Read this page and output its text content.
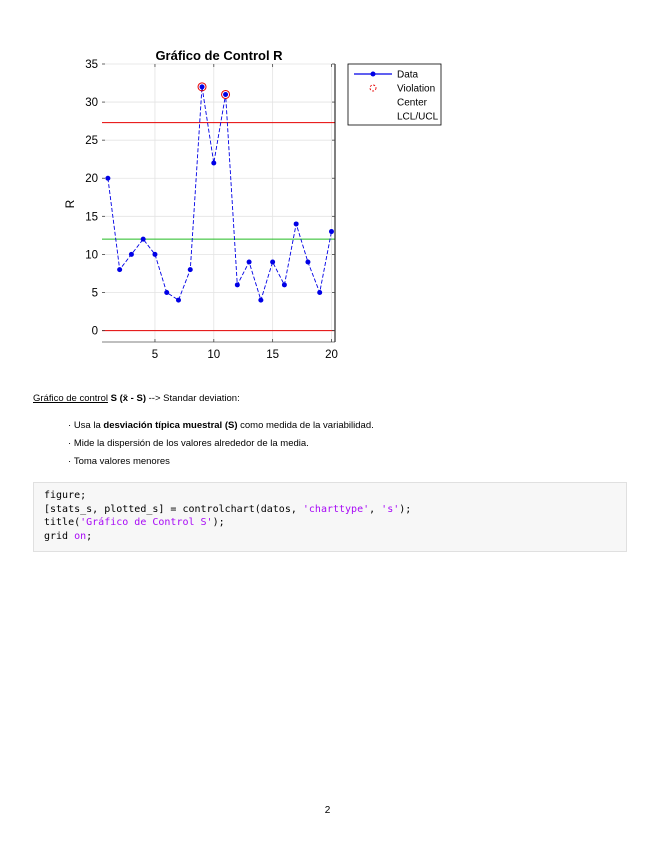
0
5
10
15
20
25
30
35
5	10	15	20
Gráfico de Control R
R
Data
Violation
Center
LCL/UCL

Gráfico de control S (x̄ - S) --> Standar deviation:

· Usa la desviación típica muestral (S) como medida de la variabilidad.
· Mide la dispersión de los valores alrededor de la media.
· Toma valores menores
figure;
[stats_s, plotted_s] = controlchart(datos, 'charttype', 's');
title('Gráfico de Control S');
grid on;
2
